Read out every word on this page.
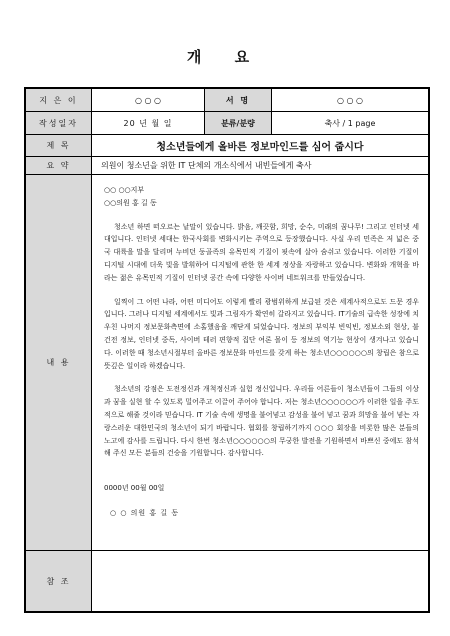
개 요
지 은 이	○ ○ ○	서 명	○ ○ ○
작성일자	20 년 월 일	분류/분량	축사 / 1 page
제 목	청소년들에게 올바른 정보마인드를 심어 줍시다
요 약	의원이 청소년을 위한 IT 단체의 개소식에서 내빈들에게 축사
내 용

○○ ○○지부

○○의원 홍 길 동

청소년 하면 떠오르는 낱말이 있습니다. 밝음, 깨끗함, 희망, 순수, 미래의 꿈나무! 그리고 인터넷 세대입니다. 인터넷 세대는 한국사회를 변화시키는 주역으로 등장했습니다. 사실 우리 민족은 저 넓은 중국 대륙을 말을 달리며 누비던 둥골족의 유목민적 기질이 핏속에 살아 숨쉬고 있습니다. 이러한 기질이 디지털 시대에 더욱 빛을 발휘하여 디지털에 관한 한 세계 정상을 자랑하고 있습니다. 변화와 개혁을 바라는 젊은 유목민적 기질이 인터넷 공간 속에 다양한 사이버 네트워크를 만들었습니다.

일찍이 그 어떤 나라, 어떤 미디어도 이렇게 빨리 광범위하게 보급된 것은 세계사적으로도 드문 경우입니다. 그러나 디지털 세계에서도 빛과 그림자가 확연히 갈라지고 있습니다. IT기술의 급속한 성장에 치우친 나머지 정보문화측면에 소홀했음을 깨닫게 되었습니다. 정보의 부익부 빈익빈, 정보소외 현상, 불건전 정보, 인터넷 중독, 사이버 테러 편향적 집단 여론 몰이 등 정보의 역기능 현상이 생겨나고 있습니다. 이러한 때 청소년시절부터 올바른 정보문화 마인드를 갖게 하는 청소년○○○○○○의 창립은 참으로 뜻깊은 일이라 하겠습니다.

청소년의 강점은 도전정신과 개척정신과 실험 정신입니다. 우리들 어른들이 청소년들이 그들의 이상과 꿈을 실현 할 수 있도록 밀어주고 이끌어 주어야 합니다. 저는 청소년○○○○○○가 이러한 일을 주도적으로 해줄 것이라 믿습니다. IT 기술 속에 생명을 불어넣고 감성을 불어 넣고 꿈과 희망을 불어 넣는 자랑스러운 대한민국의 청소년이 되기 바랍니다. 협회를 창립하기까지 ○○○ 회장을 비롯한 많은 분들의 노고에 감사를 드립니다. 다시 한번 청소년○○○○○○의 무궁한 발전을 기원하면서 바쁘신 중에도 참석해 주신 모든 분들의 건승을 기원합니다. 감사합니다.

0000년 00월 00일

○ ○ 의원 홍 길 동

참 조
